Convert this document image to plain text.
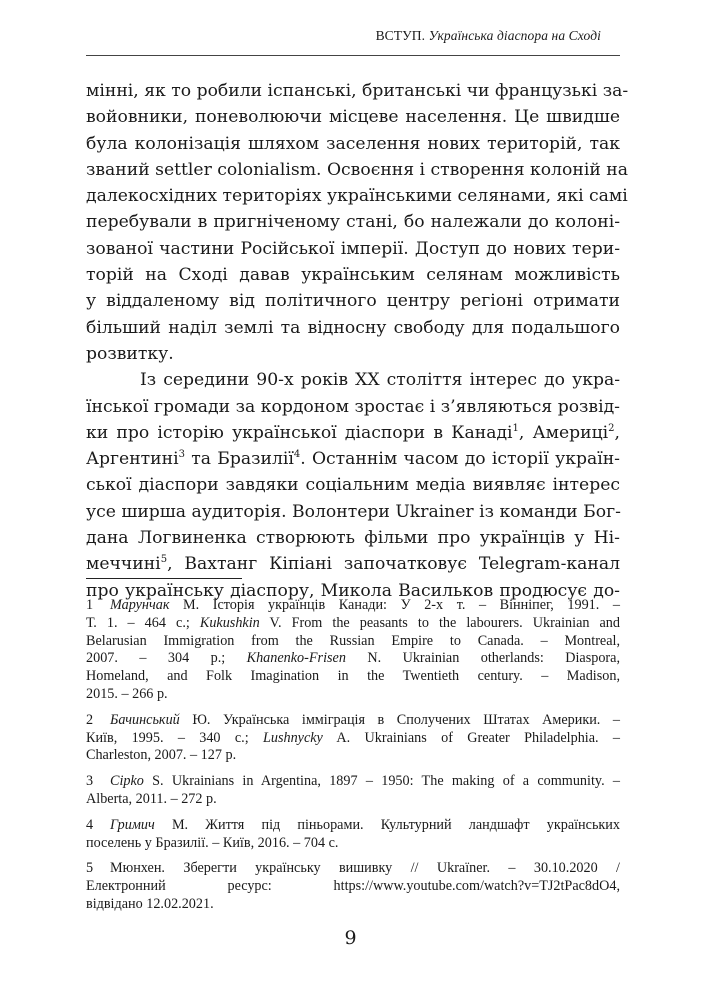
ВСТУП. Українська діаспора на Сході
мінні, як то робили іспанські, британські чи французькі за-
войовники, поневолюючи місцеве населення. Це швидше
була колонізація шляхом заселення нових територій, так
званий settler colonialism. Освоєння і створення колоній на
далекосхідних територіях українськими селянами, які самі
перебували в пригніченому стані, бо належали до колоні-
зованої частини Російської імперії. Доступ до нових тери-
торій на Сході давав українським селянам можливість
у віддаленому від політичного центру регіоні отримати
більший наділ землі та відносну свободу для подальшого
розвитку.
Із середини 90-х років XX століття інтерес до укра-
їнської громади за кордоном зростає і з’являються розвід-
ки про історію української діаспори в Канаді$^1$, Америці$^2$,
Аргентині$^3$ та Бразилії$^4$. Останнім часом до історії україн-
ської діаспори завдяки соціальним медіа виявляє інтерес
усе ширша аудиторія. Волонтери Ukrainer із команди Бог-
дана Логвиненка створюють фільми про українців у Ні-
меччині$^5$, Вахтанг Кіпіані започатковує Telegram-канал
про українську діаспору, Микола Васильков продюсує до-
1 Марунчак М. Історія українців Канади: У 2-х т. – Вінніпег, 1991. –
Т. 1. – 464 с.; Kukushkin V. From the peasants to the labourers. Ukrainian and
Belarusian Immigration from the Russian Empire to Canada. – Montreal,
2007. – 304 p.; Khanenko-Frisen N. Ukrainian otherlands: Diaspora,
Homeland, and Folk Imagination in the Twentieth century. – Madison,
2015. – 266 p.
2 Бачинський Ю. Українська імміграція в Сполучених Штатах Америки. –
Київ, 1995. – 340 с.; Lushnycky A. Ukrainians of Greater Philadelphia. –
Charleston, 2007. – 127 p.
3 Cipko S. Ukrainians in Argentina, 1897 – 1950: The making of a community. –
Alberta, 2011. – 272 p.
4 Гримич М. Життя під піньорами. Культурний ландшафт українських
поселень у Бразилії. – Київ, 2016. – 704 с.
5 Мюнхен. Зберегти українську вишивку // Ukraїner. – 30.10.2020 /
Електронний ресурс: https://www.youtube.com/watch?v=TJ2tPac8dO4,
відвідано 12.02.2021.
9
